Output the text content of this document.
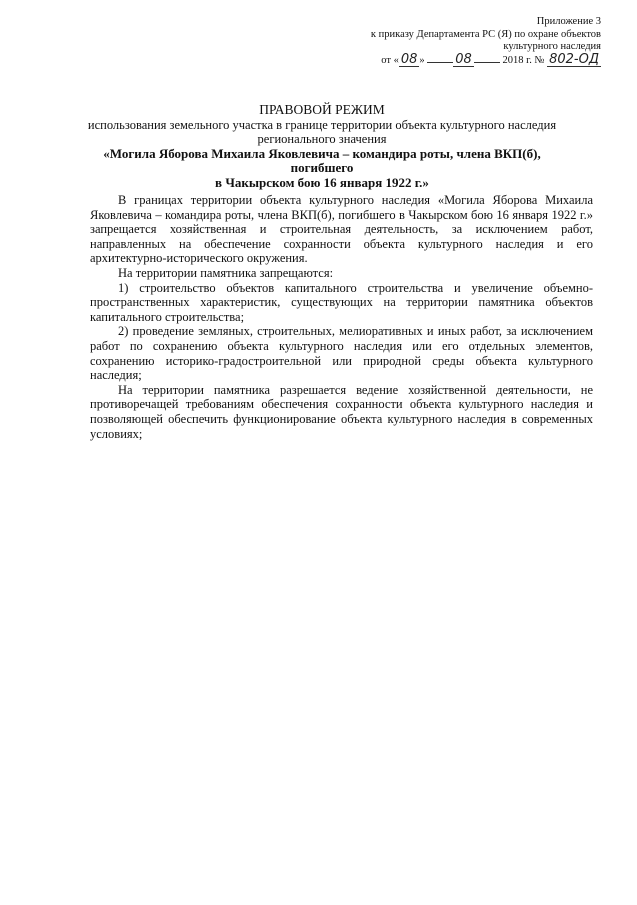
Приложение 3
к приказу Департамента РС (Я) по охране объектов
культурного наследия
от « 08 » 08	2018 г. № 802-ОД
ПРАВОВОЙ РЕЖИМ
использования земельного участка в границе территории объекта культурного наследия
регионального значения
«Могила Яборова Михаила Яковлевича – командира роты, члена ВКП(б), погибшего
в Чакырском бою 16 января 1922 г.»

В границах территории объекта культурного наследия «Могила Яборова Михаила Яковлевича – командира роты, члена ВКП(б), погибшего в Чакырском бою 16 января 1922 г.» запрещается хозяйственная и строительная деятельность, за исключением работ, направленных на обеспечение сохранности объекта культурного наследия и его архитектурно-исторического окружения.

На территории памятника запрещаются:

1) строительство объектов капитального строительства и увеличение объемно-пространственных характеристик, существующих на территории памятника объектов капитального строительства;

2) проведение земляных, строительных, мелиоративных и иных работ, за исключением работ по сохранению объекта культурного наследия или его отдельных элементов, сохранению историко-градостроительной или природной среды объекта культурного наследия;

На территории памятника разрешается ведение хозяйственной деятельности, не противоречащей требованиям обеспечения сохранности объекта культурного наследия и позволяющей обеспечить функционирование объекта культурного наследия в современных условиях;
